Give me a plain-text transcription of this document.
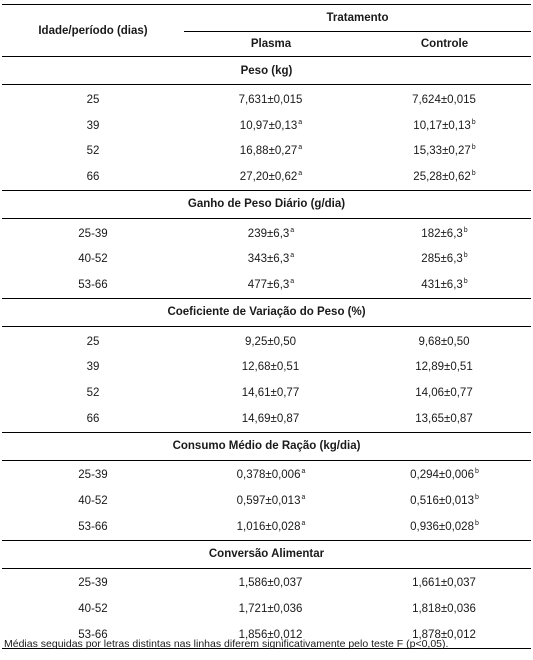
Idade/período (dias)	Tratamento	
	Plasma	Controle
Peso (kg)		
25	7,631±0,015	7,624±0,015
39	10,97±0,13$^a$	10,17±0,13$^b$
52	16,88±0,27$^a$	15,33±0,27$^b$
66	27,20±0,62$^a$	25,28±0,62$^b$
Ganho de Peso Diário (g/dia)		
25-39	239±6,3$^a$	182±6,3$^b$
40-52	343±6,3$^a$	285±6,3$^b$
53-66	477±6,3$^a$	431±6,3$^b$
Coeficiente de Variação do Peso (%)		
25	9,25±0,50	9,68±0,50
39	12,68±0,51	12,89±0,51
52	14,61±0,77	14,06±0,77
66	14,69±0,87	13,65±0,87
Consumo Médio de Ração (kg/dia)		
25-39	0,378±0,006$^a$	0,294±0,006$^b$
40-52	0,597±0,013$^a$	0,516±0,013$^b$
53-66	1,016±0,028$^a$	0,936±0,028$^b$
Conversão Alimentar		
25-39	1,586±0,037	1,661±0,037
40-52	1,721±0,036	1,818±0,036
53-66	1,856±0,012	1,878±0,012
Médias seguidas por letras distintas nas linhas diferem significativamente pelo teste F (p<0,05).
